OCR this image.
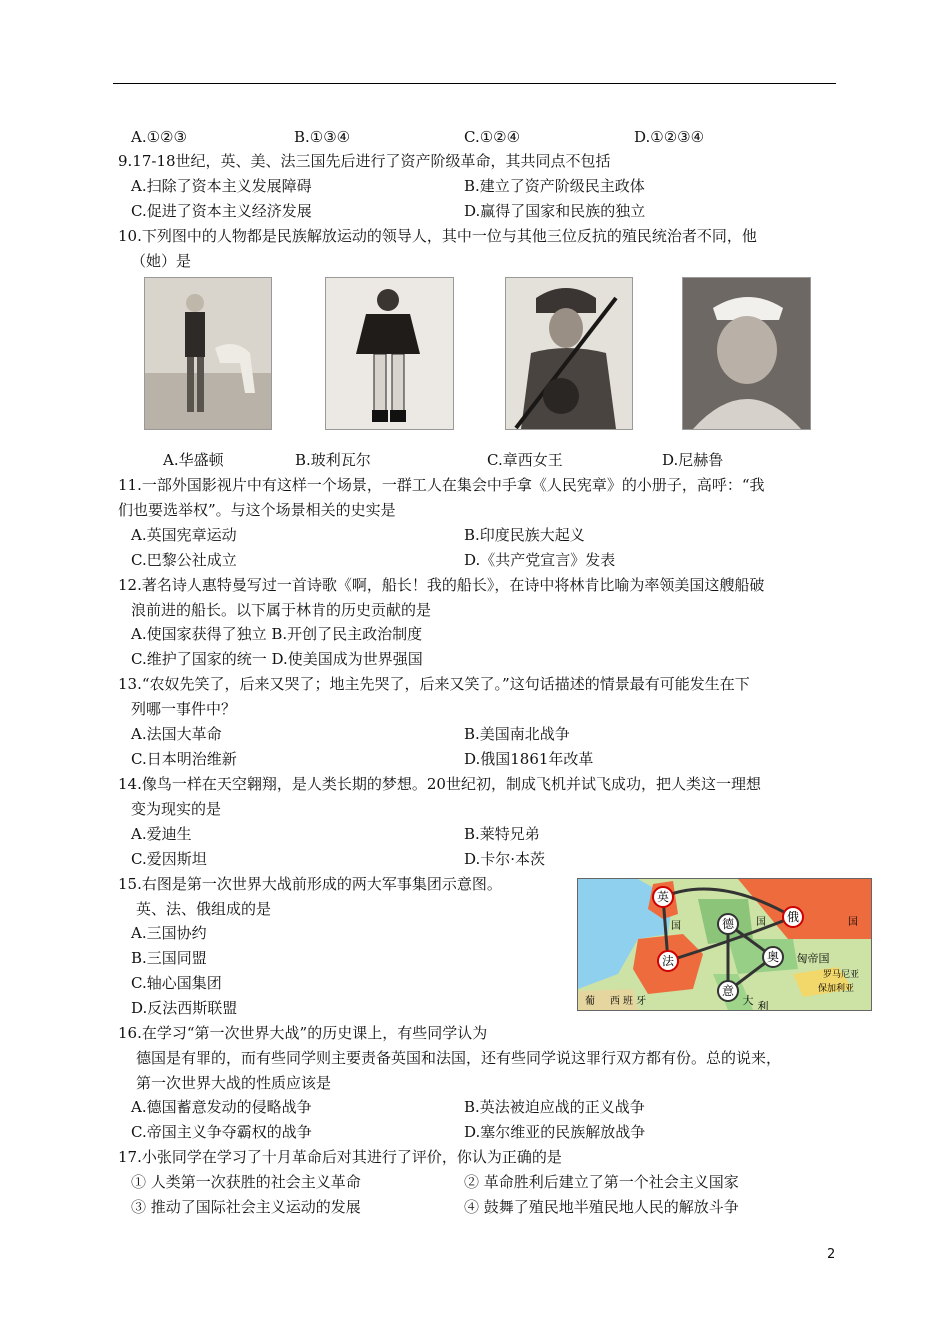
A.①②③	B.①③④	C.①②④	D.①②③④
9.17-18世纪，英、美、法三国先后进行了资产阶级革命，其共同点不包括
A.扫除了资本主义发展障碍	B.建立了资产阶级民主政体
C.促进了资本主义经济发展	D.赢得了国家和民族的独立
10.下列图中的人物都是民族解放运动的领导人，其中一位与其他三位反抗的殖民统治者不同，他
（她）是
A.华盛顿	B.玻利瓦尔	C.章西女王	D.尼赫鲁
11.一部外国影视片中有这样一个场景，一群工人在集会中手拿《人民宪章》的小册子，高呼：“我
们也要选举权”。与这个场景相关的史实是
A.英国宪章运动	B.印度民族大起义
C.巴黎公社成立	D.《共产党宣言》发表
12.著名诗人惠特曼写过一首诗歌《啊，船长！我的船长》，在诗中将林肯比喻为率领美国这艘船破
浪前进的船长。以下属于林肯的历史贡献的是
A.使国家获得了独立 B.开创了民主政治制度
C.维护了国家的统一 D.使美国成为世界强国
13.“农奴先笑了，后来又哭了；地主先哭了，后来又笑了。”这句话描述的情景最有可能发生在下
列哪一事件中？
A.法国大革命	B.美国南北战争
C.日本明治维新	D.俄国1861年改革
14.像鸟一样在天空翱翔，是人类长期的梦想。20世纪初，制成飞机并试飞成功，把人类这一理想
变为现实的是
A.爱迪生	B.莱特兄弟
C.爱因斯坦	D.卡尔·本茨
15.右图是第一次世界大战前形成的两大军事集团示意图。
英、法、俄组成的是
A.三国协约
B.三国同盟
C.轴心国集团
D.反法西斯联盟
英
法
俄
德
奥
意
国	国	国
匈帝国
罗马尼亚
保加利亚
葡 西 班 牙	大 利
16.在学习“第一次世界大战”的历史课上，有些同学认为
德国是有罪的，而有些同学则主要责备英国和法国，还有些同学说这罪行双方都有份。总的说来，
第一次世界大战的性质应该是
A.德国蓄意发动的侵略战争	B.英法被迫应战的正义战争
C.帝国主义争夺霸权的战争	D.塞尔维亚的民族解放战争
17.小张同学在学习了十月革命后对其进行了评价，你认为正确的是
① 人类第一次获胜的社会主义革命	② 革命胜利后建立了第一个社会主义国家
③ 推动了国际社会主义运动的发展	④ 鼓舞了殖民地半殖民地人民的解放斗争
2
